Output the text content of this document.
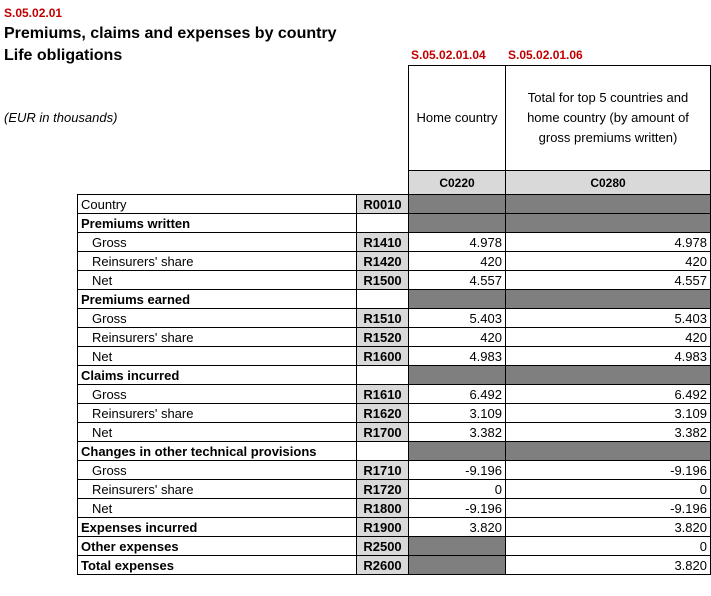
S.05.02.01
Premiums, claims and expenses by country
Life obligations
(EUR in thousands)
S.05.02.01.04 S.05.02.01.06
Home country
Total for top 5 countries and home country (by amount of gross premiums written)
C0220	C0280
Country	R0010		
Premiums written			
Gross	R1410	4.978	4.978
Reinsurers' share	R1420	420	420
Net	R1500	4.557	4.557
Premiums earned			
Gross	R1510	5.403	5.403
Reinsurers' share	R1520	420	420
Net	R1600	4.983	4.983
Claims incurred			
Gross	R1610	6.492	6.492
Reinsurers' share	R1620	3.109	3.109
Net	R1700	3.382	3.382
Changes in other technical provisions			
Gross	R1710	-9.196	-9.196
Reinsurers' share	R1720	0	0
Net	R1800	-9.196	-9.196
Expenses incurred	R1900	3.820	3.820
Other expenses	R2500		0
Total expenses	R2600		3.820
